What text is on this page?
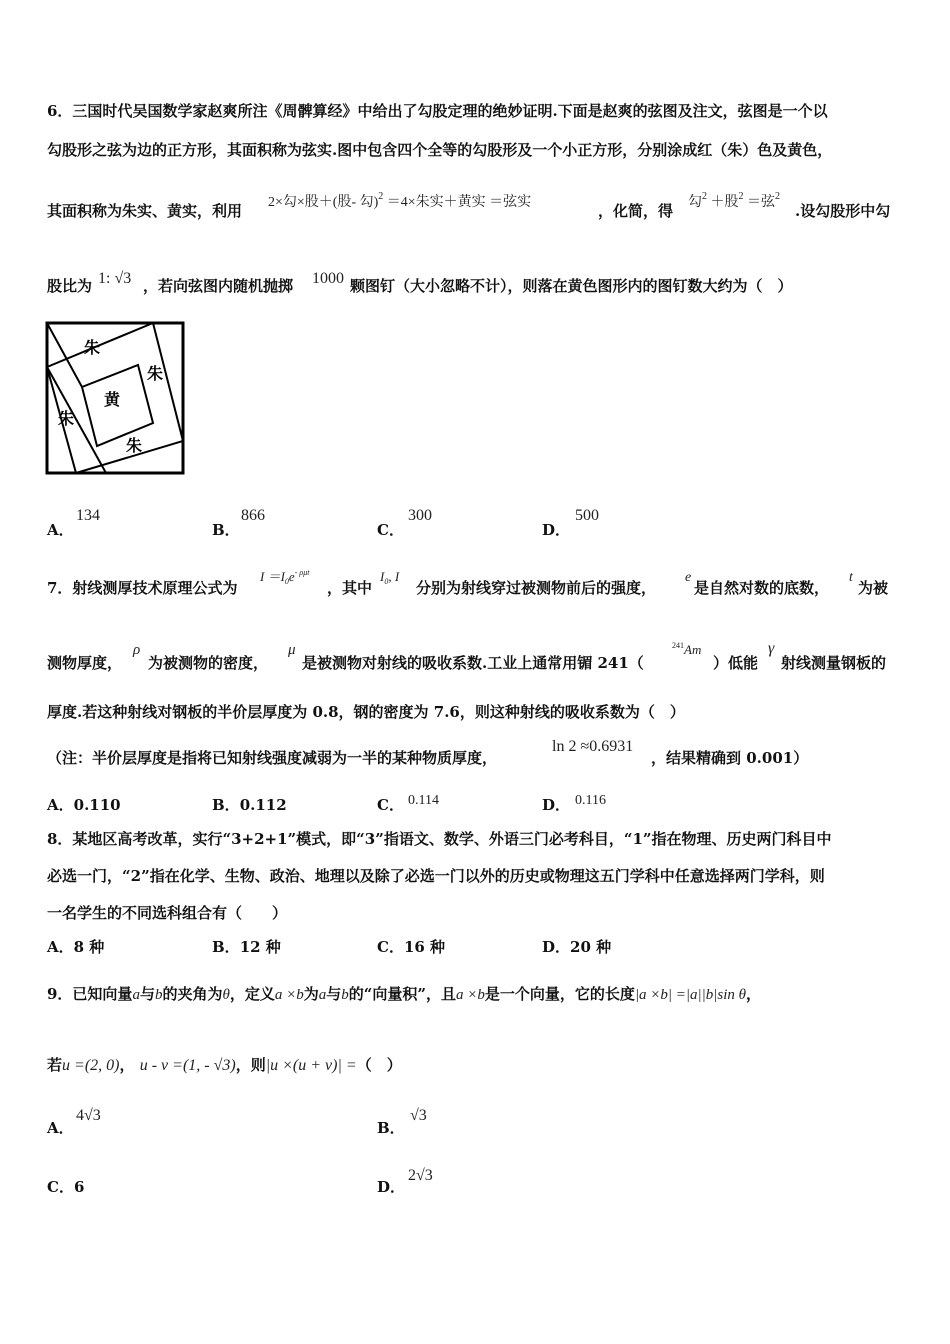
6．三国时代吴国数学家赵爽所注《周髀算经》中给出了勾股定理的绝妙证明.下面是赵爽的弦图及注文，弦图是一个以
勾股形之弦为边的正方形，其面积称为弦实.图中包含四个全等的勾股形及一个小正方形，分别涂成红（朱）色及黄色，
其面积称为朱实、黄实，利用 2×勾×股＋(股- 勾)$^2$ ＝4×朱实＋黄实 ＝弦实	，化简，得 勾$^2$ ＋股$^2$ ＝弦$^2$
.设勾股形中勾
股比为 1: √3 ，若向弦图内随机抛掷 1000 颗图钉（大小忽略不计），则落在黄色图形内的图钉数大约为（　）
朱
朱
朱
朱
黄
A．
134
B．
866
C．
300
D．
500
7．射线测厚技术原理公式为
$I =I_0e^{- \rho\mu t}$
，其中
$I_0$, I
分别为射线穿过被测物前后的强度，
e
是自然对数的底数，
t
为被
测物厚度，
ρ
为被测物的密度，
μ
是被测物对射线的吸收系数.工业上通常用镅 241（
$^{241}$Am
）低能
γ
射线测量钢板的
厚度.若这种射线对钢板的半价层厚度为 0.8，钢的密度为 7.6，则这种射线的吸收系数为（　）
（注：半价层厚度是指将已知射线强度减弱为一半的某种物质厚度，
ln 2 ≈0.6931
，结果精确到 0.001）
A．0.110	B．0.112	C． 0.114	D． 0.116
8．某地区高考改革，实行“3+2+1”模式，即“3”指语文、数学、外语三门必考科目，“1”指在物理、历史两门科目中
必选一门，“2”指在化学、生物、政治、地理以及除了必选一门以外的历史或物理这五门学科中任意选择两门学科，则
一名学生的不同选科组合有（　　）
A．8 种	B．12 种	C．16 种	D．20 种
9．已知向量a与b的夹角为θ，定义a ×b为a与b的“向量积”，且a ×b是一个向量，它的长度|a ×b| =|a||b|sin θ，
若u =(2, 0)， u - v =(1, - √3)，则|u ×(u + v)| =（　）
A．
4√3
B．
√3
C．6	D．
2√3
